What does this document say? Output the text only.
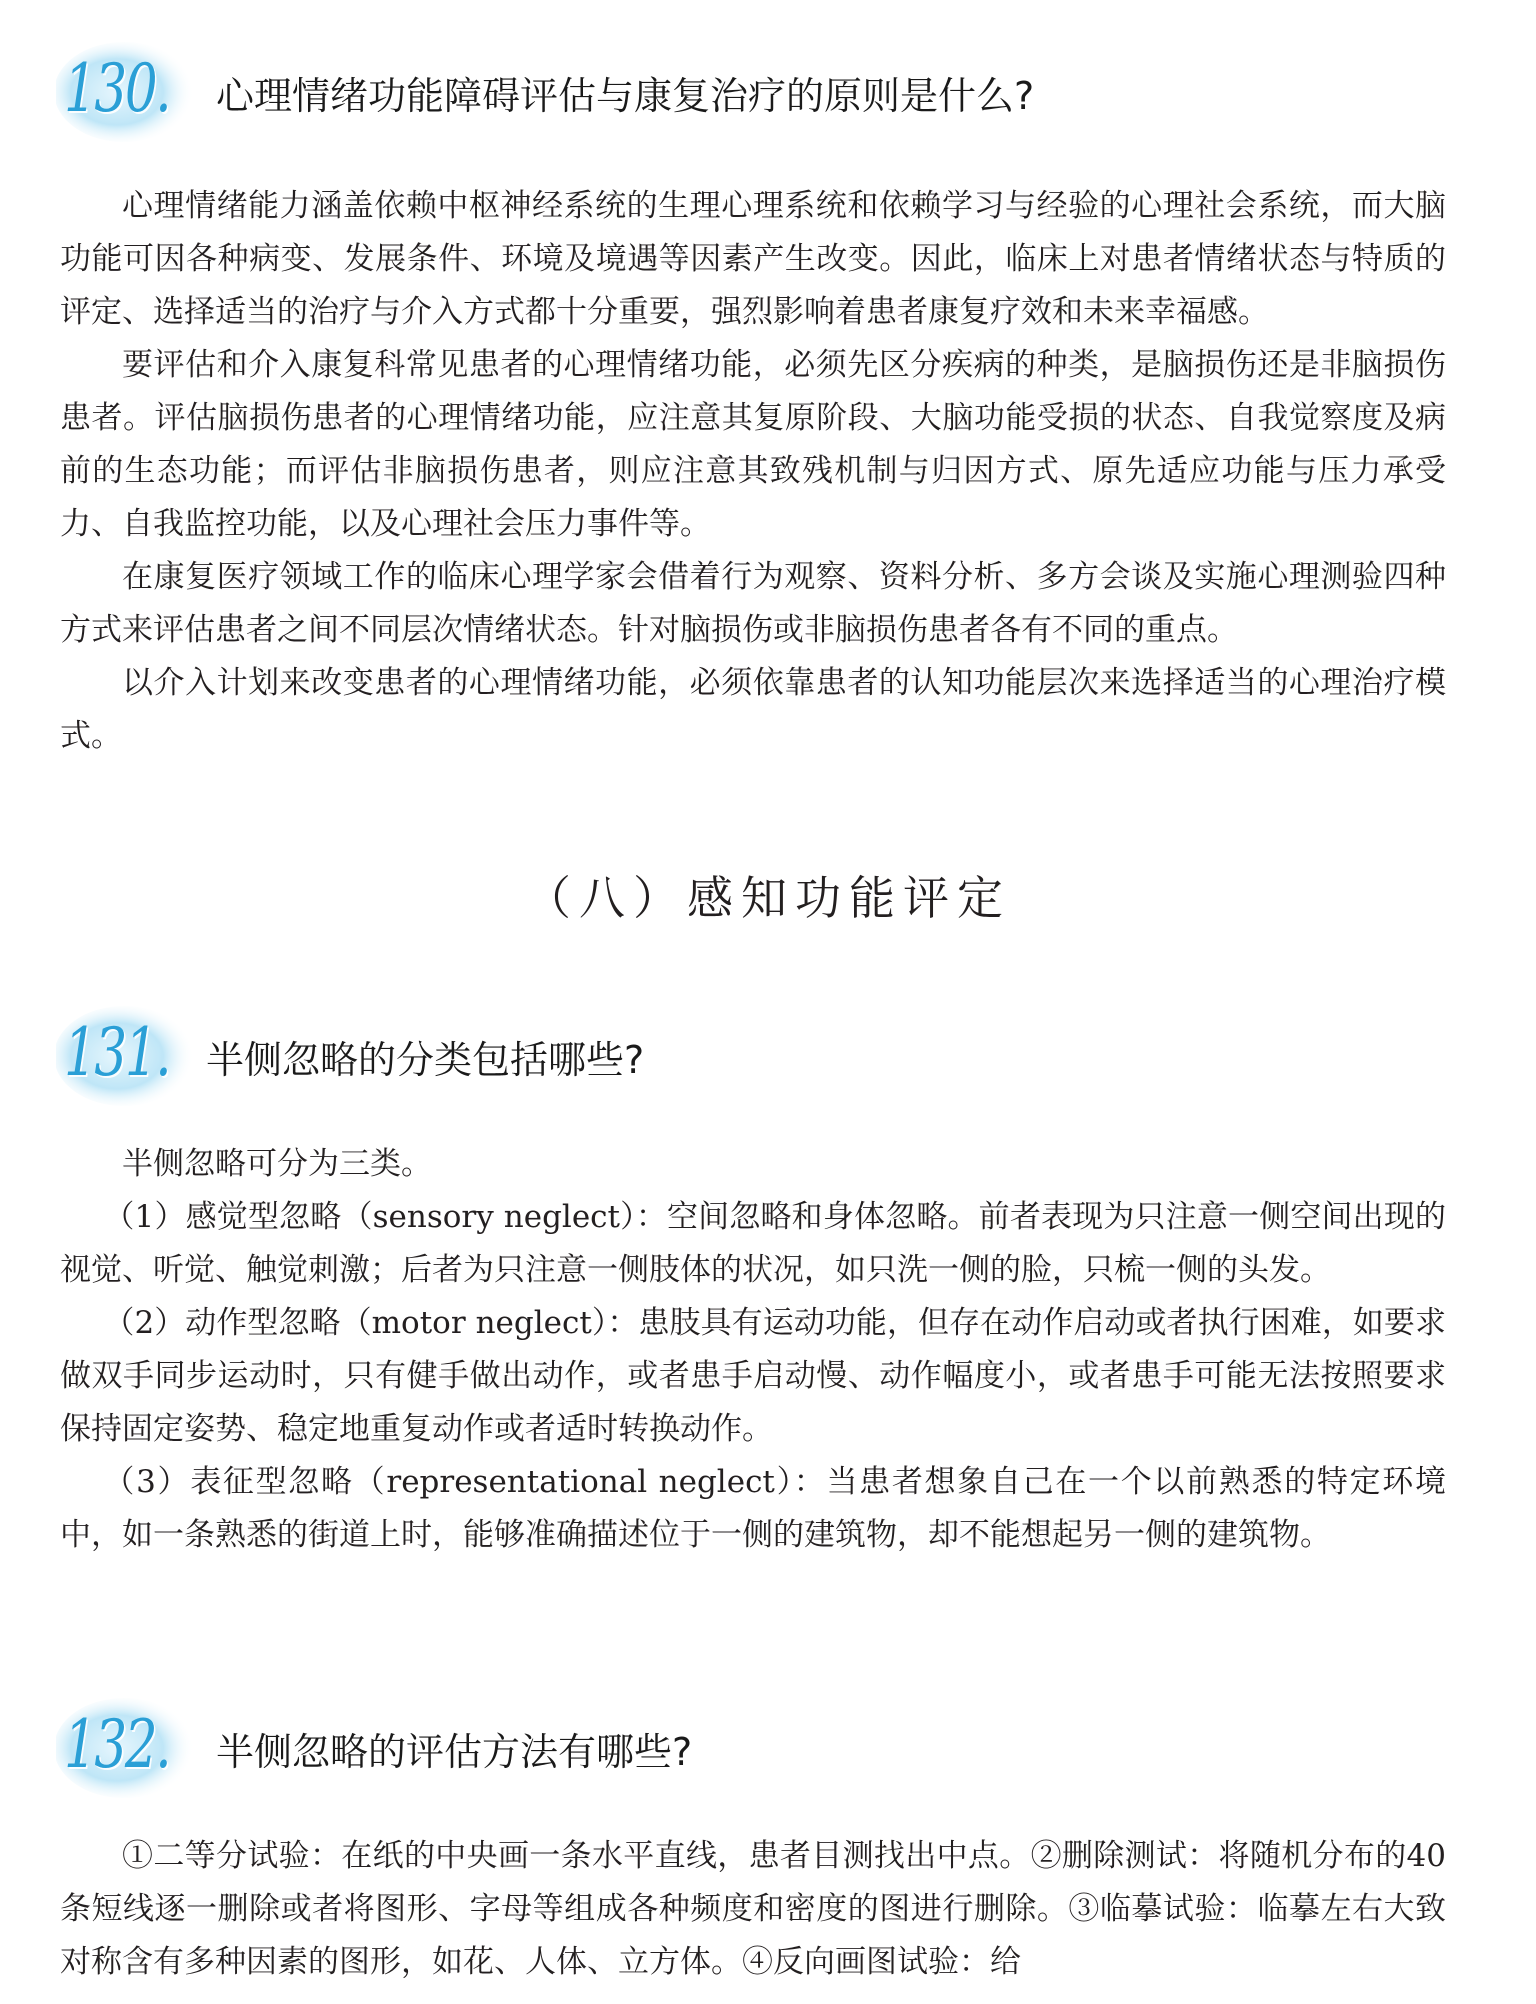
130. 心理情绪功能障碍评估与康复治疗的原则是什么?

心理情绪能力涵盖依赖中枢神经系统的生理心理系统和依赖学习与经验的心理社会系统，而大脑功能可因各种病变、发展条件、环境及境遇等因素产生改变。因此，临床上对患者情绪状态与特质的评定、选择适当的治疗与介入方式都十分重要，强烈影响着患者康复疗效和未来幸福感。

要评估和介入康复科常见患者的心理情绪功能，必须先区分疾病的种类，是脑损伤还是非脑损伤患者。评估脑损伤患者的心理情绪功能，应注意其复原阶段、大脑功能受损的状态、自我觉察度及病前的生态功能；而评估非脑损伤患者，则应注意其致残机制与归因方式、原先适应功能与压力承受力、自我监控功能，以及心理社会压力事件等。

在康复医疗领域工作的临床心理学家会借着行为观察、资料分析、多方会谈及实施心理测验四种方式来评估患者之间不同层次情绪状态。针对脑损伤或非脑损伤患者各有不同的重点。

以介入计划来改变患者的心理情绪功能，必须依靠患者的认知功能层次来选择适当的心理治疗模式。

（八）感知功能评定
131. 半侧忽略的分类包括哪些?

半侧忽略可分为三类。

（1）感觉型忽略（sensory neglect）：空间忽略和身体忽略。前者表现为只注意一侧空间出现的视觉、听觉、触觉刺激；后者为只注意一侧肢体的状况，如只洗一侧的脸，只梳一侧的头发。

（2）动作型忽略（motor neglect）：患肢具有运动功能，但存在动作启动或者执行困难，如要求做双手同步运动时，只有健手做出动作，或者患手启动慢、动作幅度小，或者患手可能无法按照要求保持固定姿势、稳定地重复动作或者适时转换动作。

（3）表征型忽略（representational neglect）：当患者想象自己在一个以前熟悉的特定环境中，如一条熟悉的街道上时，能够准确描述位于一侧的建筑物，却不能想起另一侧的建筑物。

132. 半侧忽略的评估方法有哪些?

①二等分试验：在纸的中央画一条水平直线，患者目测找出中点。②删除测试：将随机分布的40条短线逐一删除或者将图形、字母等组成各种频度和密度的图进行删除。③临摹试验：临摹左右大致对称含有多种因素的图形，如花、人体、立方体。④反向画图试验：给
